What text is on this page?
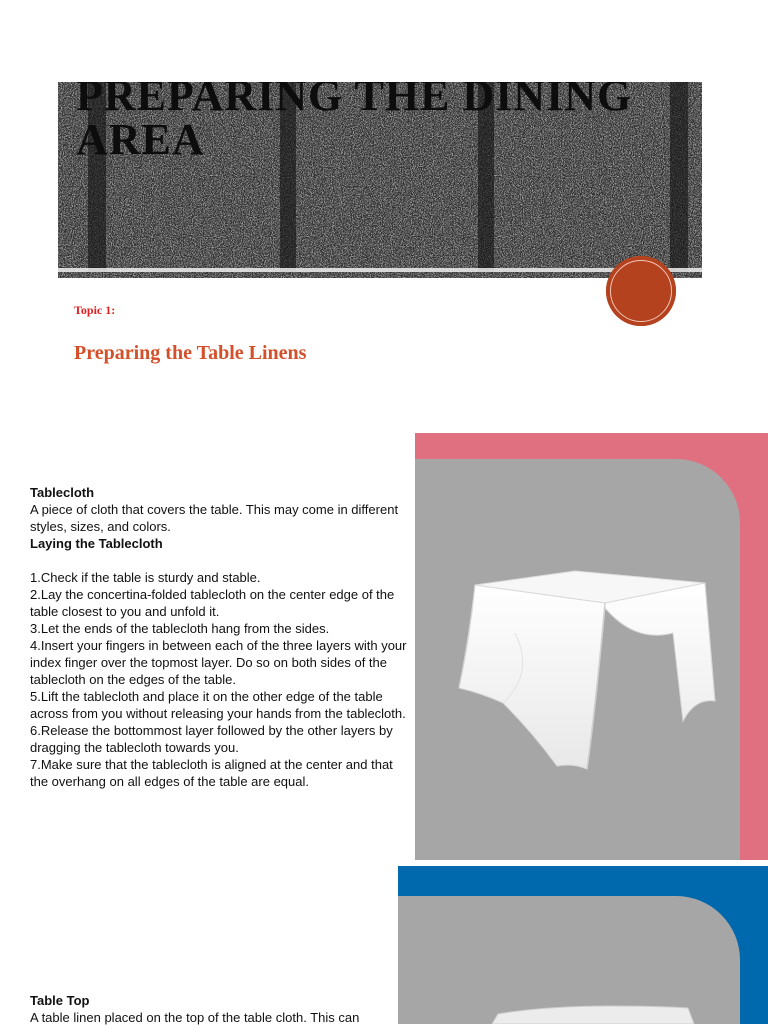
PREPARING THE DINING AREA

Topic 1:

Preparing the Table Linens
Tablecloth
A piece of cloth that covers the table. This may come in different styles, sizes, and colors.
Laying the Tablecloth
1.Check if the table is sturdy and stable.
2.Lay the concertina-folded tablecloth on the center edge of the table closest to you and unfold it.
3.Let the ends of the tablecloth hang from the sides.
4.Insert your fingers in between each of the three layers with your index finger over the topmost layer. Do so on both sides of the tablecloth on the edges of the table.
5.Lift the tablecloth and place it on the other edge of the table across from you without releasing your hands from the tablecloth.
6.Release the bottommost layer followed by the other layers by dragging the tablecloth towards you.
7.Make sure that the tablecloth is aligned at the center and that the overhang on all edges of the table are equal.
Table Top
A table linen placed on the top of the table cloth. This can
